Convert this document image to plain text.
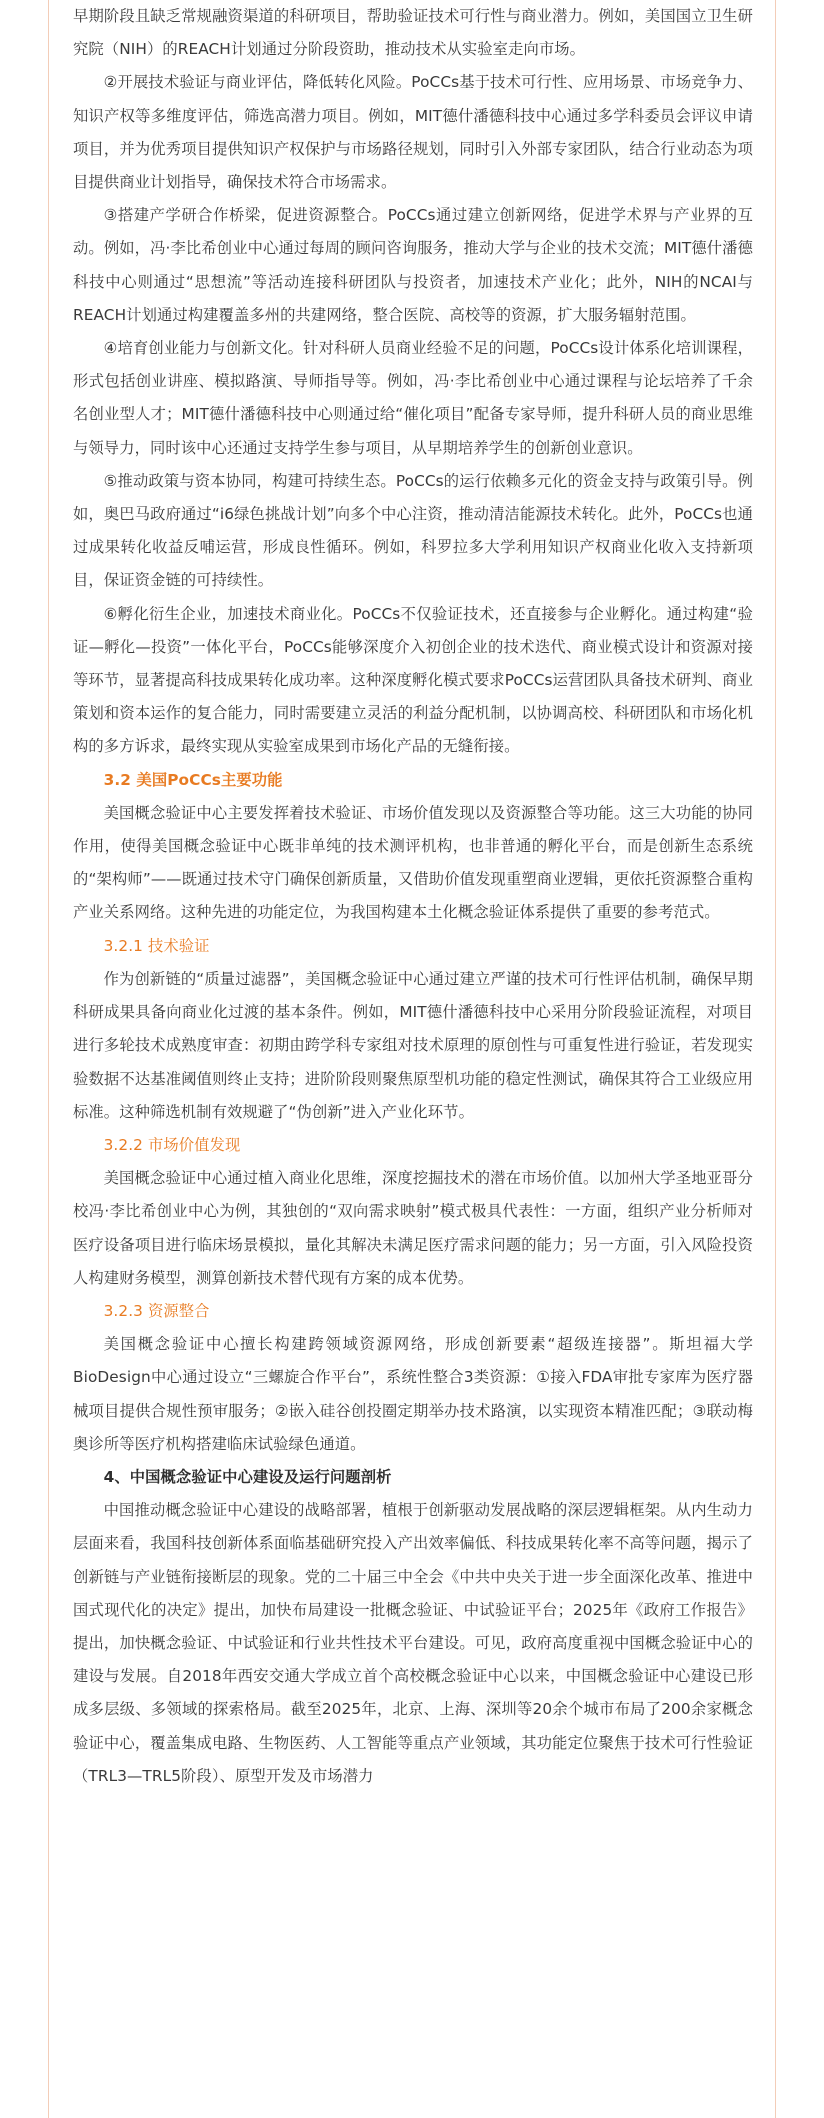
早期阶段且缺乏常规融资渠道的科研项目，帮助验证技术可行性与商业潜力。例如，美国国立卫生研究院（NIH）的REACH计划通过分阶段资助，推动技术从实验室走向市场。

②开展技术验证与商业评估，降低转化风险。PoCCs基于技术可行性、应用场景、市场竞争力、知识产权等多维度评估，筛选高潜力项目。例如，MIT德什潘德科技中心通过多学科委员会评议申请项目，并为优秀项目提供知识产权保护与市场路径规划，同时引入外部专家团队，结合行业动态为项目提供商业计划指导，确保技术符合市场需求。

③搭建产学研合作桥梁，促进资源整合。PoCCs通过建立创新网络，促进学术界与产业界的互动。例如，冯·李比希创业中心通过每周的顾问咨询服务，推动大学与企业的技术交流；MIT德什潘德科技中心则通过“思想流”等活动连接科研团队与投资者，加速技术产业化；此外，NIH的NCAI与REACH计划通过构建覆盖多州的共建网络，整合医院、高校等的资源，扩大服务辐射范围。

④培育创业能力与创新文化。针对科研人员商业经验不足的问题，PoCCs设计体系化培训课程，形式包括创业讲座、模拟路演、导师指导等。例如，冯·李比希创业中心通过课程与论坛培养了千余名创业型人才；MIT德什潘德科技中心则通过给“催化项目”配备专家导师，提升科研人员的商业思维与领导力，同时该中心还通过支持学生参与项目，从早期培养学生的创新创业意识。

⑤推动政策与资本协同，构建可持续生态。PoCCs的运行依赖多元化的资金支持与政策引导。例如，奥巴马政府通过“i6绿色挑战计划”向多个中心注资，推动清洁能源技术转化。此外，PoCCs也通过成果转化收益反哺运营，形成良性循环。例如，科罗拉多大学利用知识产权商业化收入支持新项目，保证资金链的可持续性。

⑥孵化衍生企业，加速技术商业化。PoCCs不仅验证技术，还直接参与企业孵化。通过构建“验证—孵化—投资”一体化平台，PoCCs能够深度介入初创企业的技术迭代、商业模式设计和资源对接等环节，显著提高科技成果转化成功率。这种深度孵化模式要求PoCCs运营团队具备技术研判、商业策划和资本运作的复合能力，同时需要建立灵活的利益分配机制，以协调高校、科研团队和市场化机构的多方诉求，最终实现从实验室成果到市场化产品的无缝衔接。

3.2 美国PoCCs主要功能

美国概念验证中心主要发挥着技术验证、市场价值发现以及资源整合等功能。这三大功能的协同作用，使得美国概念验证中心既非单纯的技术测评机构，也非普通的孵化平台，而是创新生态系统的“架构师”——既通过技术守门确保创新质量，又借助价值发现重塑商业逻辑，更依托资源整合重构产业关系网络。这种先进的功能定位，为我国构建本土化概念验证体系提供了重要的参考范式。

3.2.1 技术验证

作为创新链的“质量过滤器”，美国概念验证中心通过建立严谨的技术可行性评估机制，确保早期科研成果具备向商业化过渡的基本条件。例如，MIT德什潘德科技中心采用分阶段验证流程，对项目进行多轮技术成熟度审查：初期由跨学科专家组对技术原理的原创性与可重复性进行验证，若发现实验数据不达基准阈值则终止支持；进阶阶段则聚焦原型机功能的稳定性测试，确保其符合工业级应用标准。这种筛选机制有效规避了“伪创新”进入产业化环节。

3.2.2 市场价值发现

美国概念验证中心通过植入商业化思维，深度挖掘技术的潜在市场价值。以加州大学圣地亚哥分校冯·李比希创业中心为例，其独创的“双向需求映射”模式极具代表性：一方面，组织产业分析师对医疗设备项目进行临床场景模拟，量化其解决未满足医疗需求问题的能力；另一方面，引入风险投资人构建财务模型，测算创新技术替代现有方案的成本优势。

3.2.3 资源整合

美国概念验证中心擅长构建跨领域资源网络，形成创新要素“超级连接器”。斯坦福大学BioDesign中心通过设立“三螺旋合作平台”，系统性整合3类资源：①接入FDA审批专家库为医疗器械项目提供合规性预审服务；②嵌入硅谷创投圈定期举办技术路演，以实现资本精准匹配；③联动梅奥诊所等医疗机构搭建临床试验绿色通道。

4、中国概念验证中心建设及运行问题剖析

中国推动概念验证中心建设的战略部署，植根于创新驱动发展战略的深层逻辑框架。从内生动力层面来看，我国科技创新体系面临基础研究投入产出效率偏低、科技成果转化率不高等问题，揭示了创新链与产业链衔接断层的现象。党的二十届三中全会《中共中央关于进一步全面深化改革、推进中国式现代化的决定》提出，加快布局建设一批概念验证、中试验证平台；2025年《政府工作报告》提出，加快概念验证、中试验证和行业共性技术平台建设。可见，政府高度重视中国概念验证中心的建设与发展。自2018年西安交通大学成立首个高校概念验证中心以来，中国概念验证中心建设已形成多层级、多领域的探索格局。截至2025年，北京、上海、深圳等20余个城市布局了200余家概念验证中心，覆盖集成电路、生物医药、人工智能等重点产业领域，其功能定位聚焦于技术可行性验证（TRL3—TRL5阶段）、原型开发及市场潜力
